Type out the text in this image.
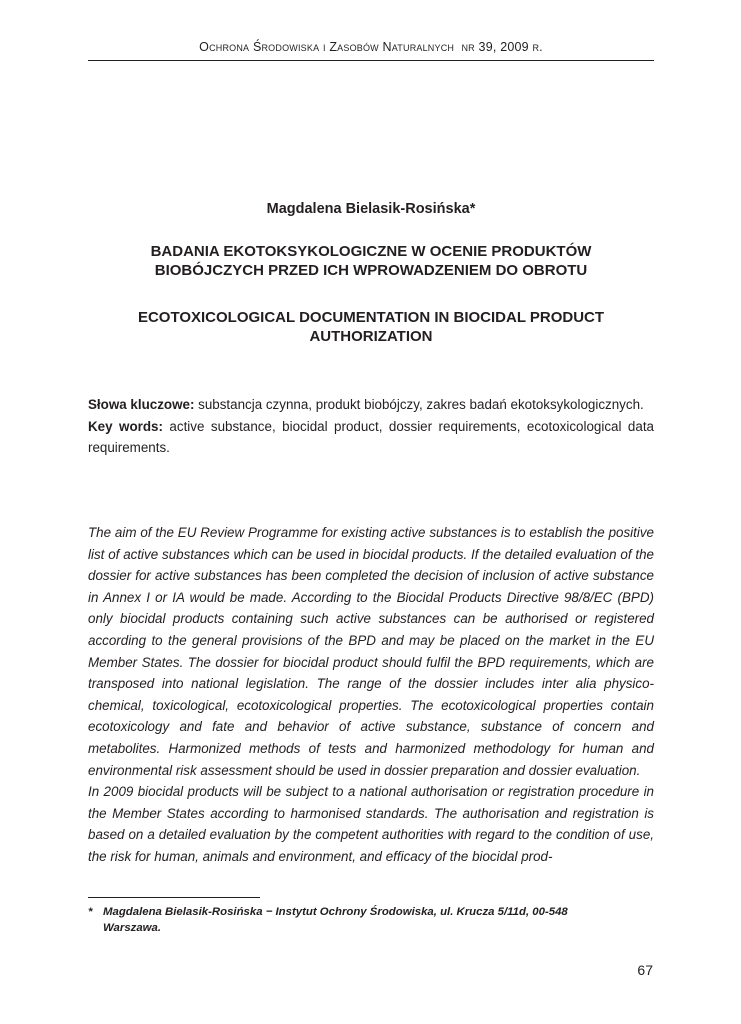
Ochrona Środowiska i Zasobów Naturalnych nr 39, 2009 r.
Magdalena Bielasik-Rosińska*
BADANIA EKOTOKSYKOLOGICZNE W OCENIE PRODUKTÓW
BIOBÓJCZYCH PRZED ICH WPROWADZENIEM DO OBROTU
ECOTOXICOLOGICAL DOCUMENTATION IN BIOCIDAL PRODUCT
AUTHORIZATION

Słowa kluczowe: substancja czynna, produkt biobójczy, zakres badań ekotoksykologicznych.

Key words: active substance, biocidal product, dossier requirements, ecotoxicological data requirements.

The aim of the EU Review Programme for existing active substances is to establish the positive list of active substances which can be used in biocidal products. If the detailed evaluation of the dossier for active substances has been completed the decision of inclusion of active substance in Annex I or IA would be made. According to the Biocidal Products Directive 98/8/EC (BPD) only biocidal products containing such active substances can be authorised or registered according to the general provisions of the BPD and may be placed on the market in the EU Member States. The dossier for biocidal product should fulfil the BPD requirements, which are transposed into national legislation. The range of the dossier includes inter alia physico-chemical, toxicological, ecotoxicological properties. The ecotoxicological properties contain ecotoxicology and fate and behavior of active substance, substance of concern and metabolites. Harmonized methods of tests and harmonized methodology for human and environmental risk assessment should be used in dossier preparation and dossier evaluation.

In 2009 biocidal products will be subject to a national authorisation or registration procedure in the Member States according to harmonised standards. The authorisation and registration is based on a detailed evaluation by the competent authorities with regard to the condition of use, the risk for human, animals and environment, and efficacy of the biocidal prod-

* Magdalena Bielasik-Rosińska − Instytut Ochrony Środowiska, ul. Krucza 5/11d, 00-548 Warszawa.
67
